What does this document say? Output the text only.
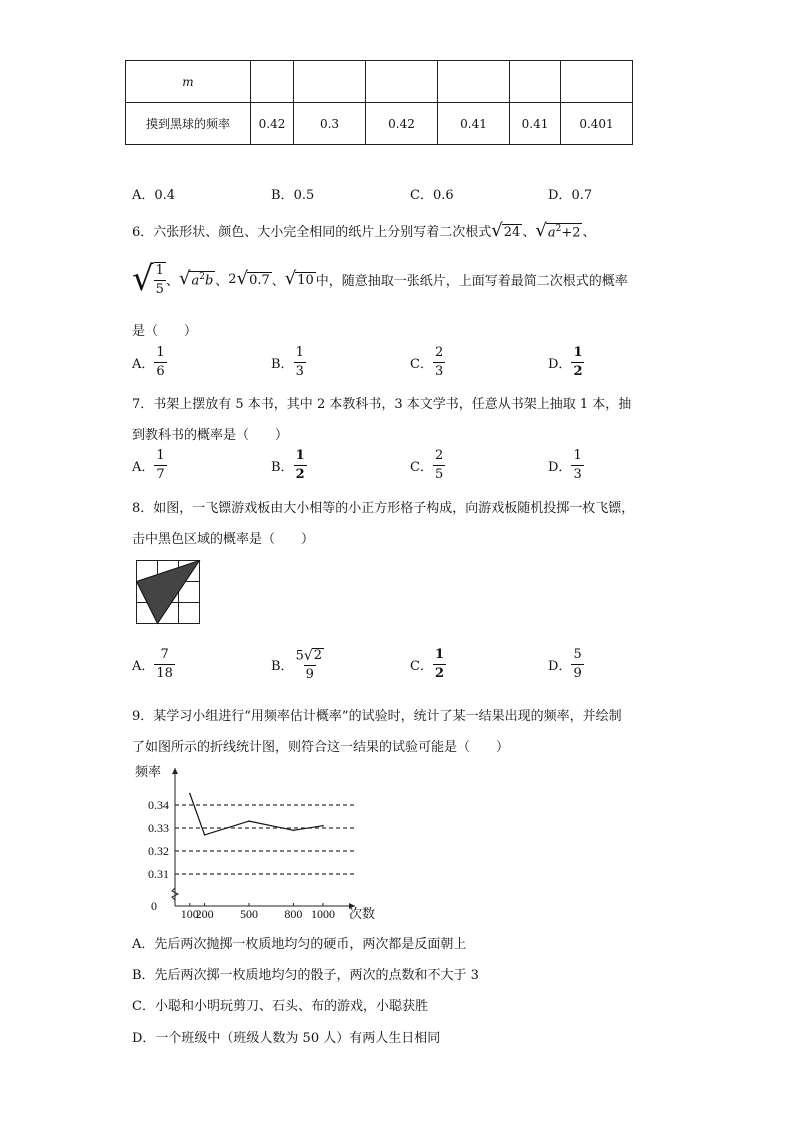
m						
摸到黑球的频率	0.42	0.3	0.42	0.41	0.41	0.401
A．0.4	B．0.5	C．0.6	D．0.7
6．六张形状、颜色、大小完全相同的纸片上分别写着二次根式 √ 24 、 √ $a^2+2$ 、
√ $\frac{1}{5}$ 、 √ $a^2b$ 、 2 √ 0.7 、 √ 10 中，随意抽取一张纸片，上面写着最简二次根式的概率
是（　　）
A． $\frac{1}{6}$	B． $\frac{1}{3}$	C． $\frac{2}{3}$	D． $\frac{1}{2}$
7．书架上摆放有 5 本书，其中 2 本教科书，3 本文学书，任意从书架上抽取 1 本，抽
到教科书的概率是（　　）
A． $\frac{1}{7}$	B． $\frac{1}{2}$	C． $\frac{2}{5}$	D． $\frac{1}{3}$
8．如图，一飞镖游戏板由大小相等的小正方形格子构成，向游戏板随机投掷一枚飞镖，
击中黑色区域的概率是（　　）
A． $\frac{7}{18}$	B． $\frac{5 √ 2}{9}$	C． $\frac{1}{2}$	D． $\frac{5}{9}$
9．某学习小组进行“用频率估计概率”的试验时，统计了某一结果出现的频率，并绘制
了如图所示的折线统计图，则符合这一结果的试验可能是（　　）
0.34
0.33
0.32
0.31
100
200 500 800 1000
0
频率
次数
A．先后两次抛掷一枚质地均匀的硬币，两次都是反面朝上
B．先后两次掷一枚质地均匀的骰子，两次的点数和不大于 3
C．小聪和小明玩剪刀、石头、布的游戏，小聪获胜
D．一个班级中（班级人数为 50 人）有两人生日相同
